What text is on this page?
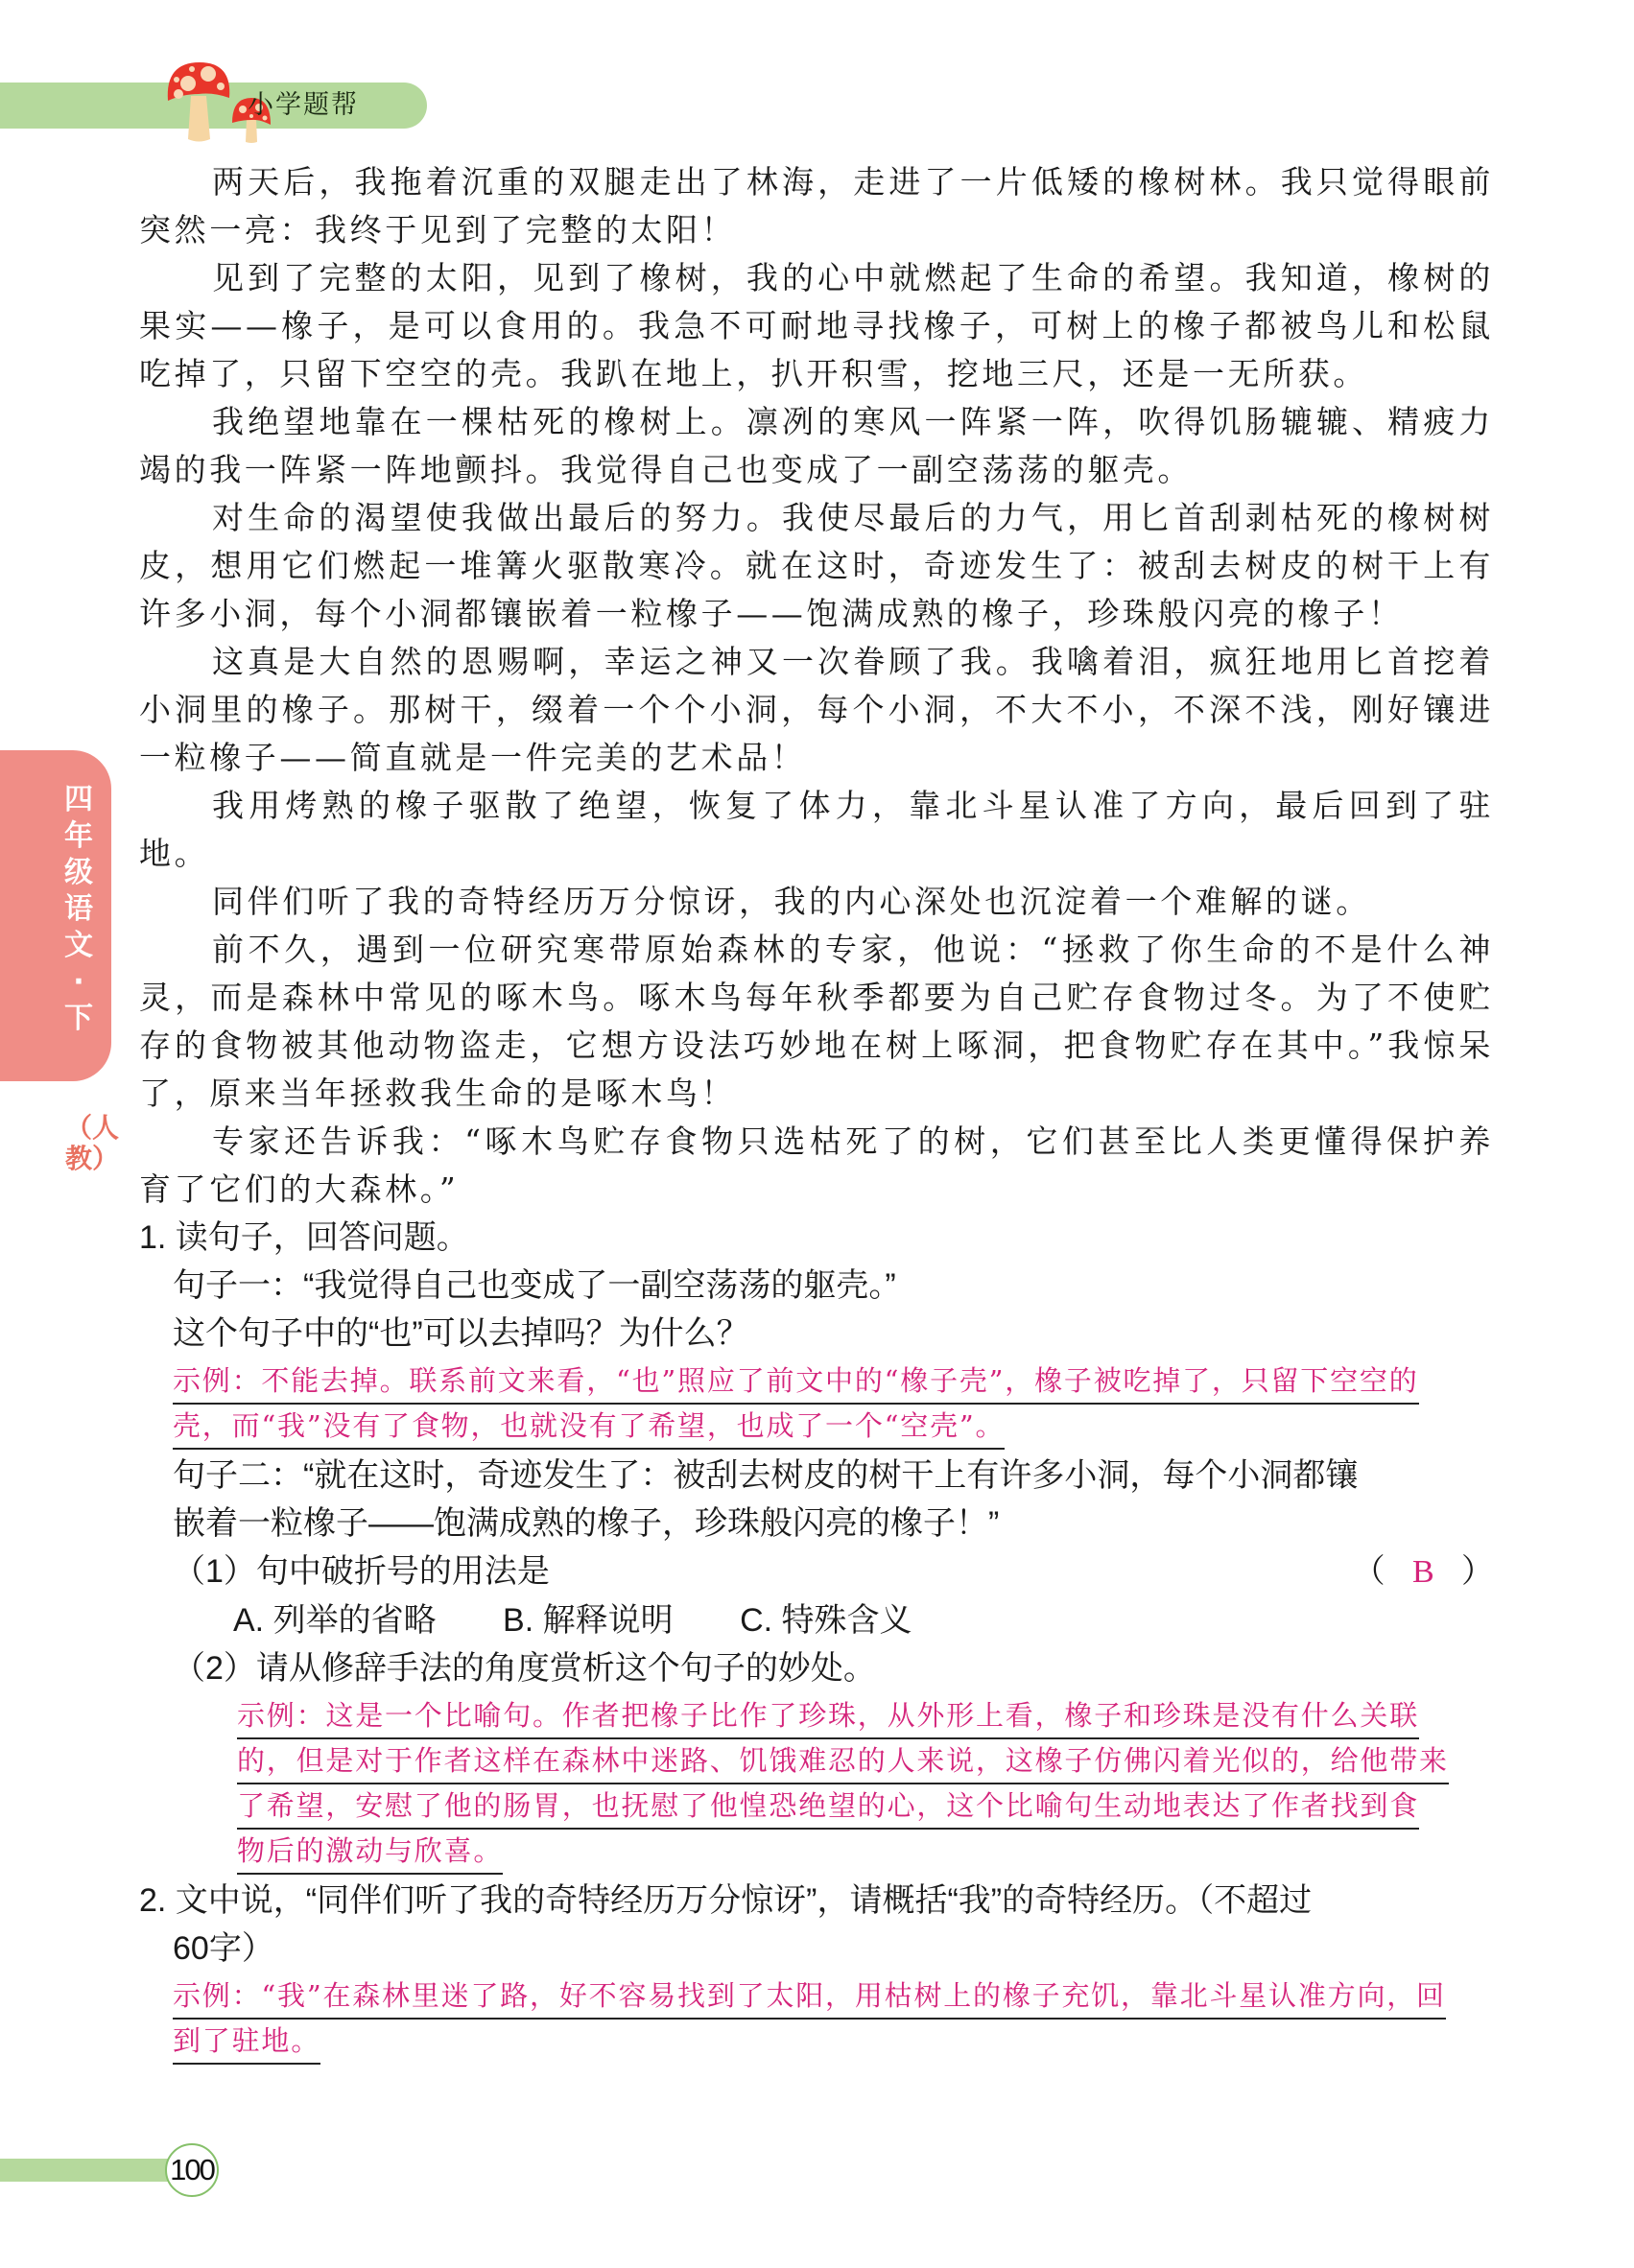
小学题帮
四年级语文·下
（人教）

两天后，我拖着沉重的双腿走出了林海，走进了一片低矮的橡树林。我只觉得眼前突然一亮：我终于见到了完整的太阳！

见到了完整的太阳，见到了橡树，我的心中就燃起了生命的希望。我知道，橡树的果实——橡子，是可以食用的。我急不可耐地寻找橡子，可树上的橡子都被鸟儿和松鼠吃掉了，只留下空空的壳。我趴在地上，扒开积雪，挖地三尺，还是一无所获。

我绝望地靠在一棵枯死的橡树上。凛冽的寒风一阵紧一阵，吹得饥肠辘辘、精疲力竭的我一阵紧一阵地颤抖。我觉得自己也变成了一副空荡荡的躯壳。

对生命的渴望使我做出最后的努力。我使尽最后的力气，用匕首刮剥枯死的橡树树皮，想用它们燃起一堆篝火驱散寒冷。就在这时，奇迹发生了：被刮去树皮的树干上有许多小洞，每个小洞都镶嵌着一粒橡子——饱满成熟的橡子，珍珠般闪亮的橡子！

这真是大自然的恩赐啊，幸运之神又一次眷顾了我。我噙着泪，疯狂地用匕首挖着小洞里的橡子。那树干，缀着一个个小洞，每个小洞，不大不小，不深不浅，刚好镶进一粒橡子——简直就是一件完美的艺术品！

我用烤熟的橡子驱散了绝望，恢复了体力，靠北斗星认准了方向，最后回到了驻地。

同伴们听了我的奇特经历万分惊讶，我的内心深处也沉淀着一个难解的谜。

前不久，遇到一位研究寒带原始森林的专家，他说：“拯救了你生命的不是什么神灵，而是森林中常见的啄木鸟。啄木鸟每年秋季都要为自己贮存食物过冬。为了不使贮存的食物被其他动物盗走，它想方设法巧妙地在树上啄洞，把食物贮存在其中。”我惊呆了，原来当年拯救我生命的是啄木鸟！

专家还告诉我：“啄木鸟贮存食物只选枯死了的树，它们甚至比人类更懂得保护养育了它们的大森林。”

1. 读句子，回答问题。

句子一：“我觉得自己也变成了一副空荡荡的躯壳。”

这个句子中的“也”可以去掉吗？为什么？

示例：不能去掉。联系前文来看，“也”照应了前文中的“橡子壳”，橡子被吃掉了，只留下空空的
壳，而“我”没有了食物，也就没有了希望，也成了一个“空壳”。

句子二：“就在这时，奇迹发生了：被刮去树皮的树干上有许多小洞，每个小洞都镶

嵌着一粒橡子——饱满成熟的橡子，珍珠般闪亮的橡子！”

（1）句中破折号的用法是	（ B ）
A. 列举的省略 B. 解释说明 C. 特殊含义

（2）请从修辞手法的角度赏析这个句子的妙处。

示例：这是一个比喻句。作者把橡子比作了珍珠，从外形上看，橡子和珍珠是没有什么关联
的，但是对于作者这样在森林中迷路、饥饿难忍的人来说，这橡子仿佛闪着光似的，给他带来
了希望，安慰了他的肠胃，也抚慰了他惶恐绝望的心，这个比喻句生动地表达了作者找到食
物后的激动与欣喜。

2. 文中说，“同伴们听了我的奇特经历万分惊讶”，请概括“我”的奇特经历。（不超过

60字）

示例：“我”在森林里迷了路，好不容易找到了太阳，用枯树上的橡子充饥，靠北斗星认准方向，回
到了驻地。
100
